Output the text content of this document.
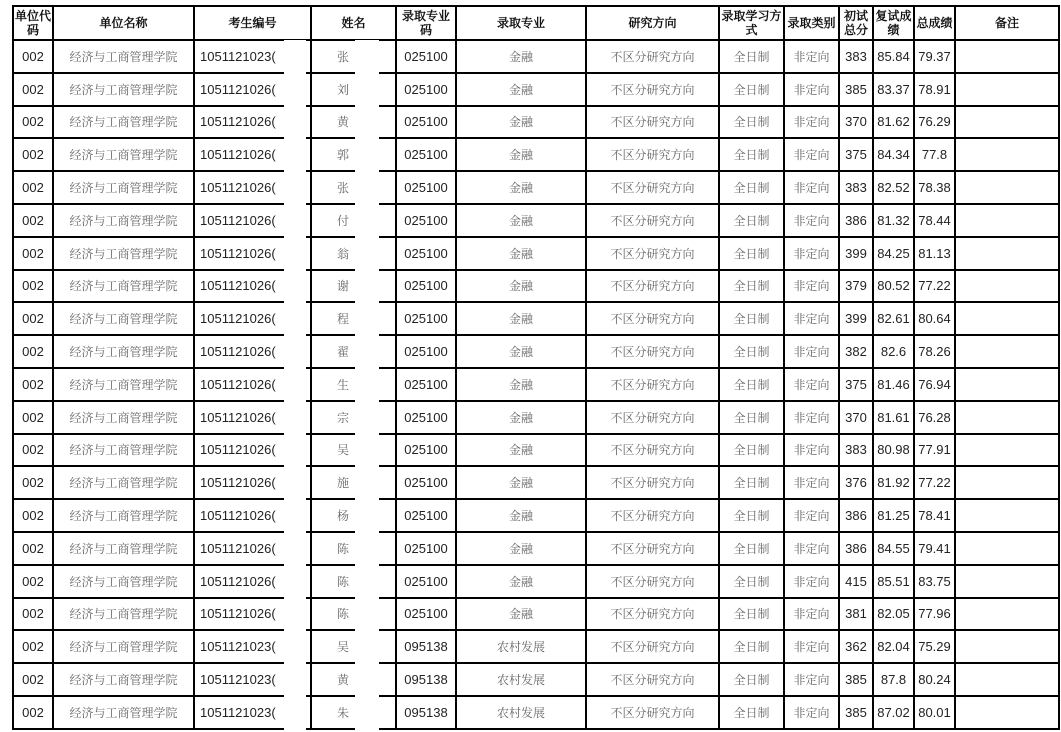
单位代码	单位名称	考生编号	姓名	录取专业码	录取专业	研究方向	录取学习方式	录取类别	初试总分	复试成绩	总成绩	备注
002	经济与工商管理学院	1051121023(	张	025100	金融	不区分研究方向	全日制	非定向	383	85.84	79.37	
002	经济与工商管理学院	1051121026(	刘	025100	金融	不区分研究方向	全日制	非定向	385	83.37	78.91	
002	经济与工商管理学院	1051121026(	黄	025100	金融	不区分研究方向	全日制	非定向	370	81.62	76.29	
002	经济与工商管理学院	1051121026(	郭	025100	金融	不区分研究方向	全日制	非定向	375	84.34	77.8	
002	经济与工商管理学院	1051121026(	张	025100	金融	不区分研究方向	全日制	非定向	383	82.52	78.38	
002	经济与工商管理学院	1051121026(	付	025100	金融	不区分研究方向	全日制	非定向	386	81.32	78.44	
002	经济与工商管理学院	1051121026(	翁	025100	金融	不区分研究方向	全日制	非定向	399	84.25	81.13	
002	经济与工商管理学院	1051121026(	谢	025100	金融	不区分研究方向	全日制	非定向	379	80.52	77.22	
002	经济与工商管理学院	1051121026(	程	025100	金融	不区分研究方向	全日制	非定向	399	82.61	80.64	
002	经济与工商管理学院	1051121026(	翟	025100	金融	不区分研究方向	全日制	非定向	382	82.6	78.26	
002	经济与工商管理学院	1051121026(	生	025100	金融	不区分研究方向	全日制	非定向	375	81.46	76.94	
002	经济与工商管理学院	1051121026(	宗	025100	金融	不区分研究方向	全日制	非定向	370	81.61	76.28	
002	经济与工商管理学院	1051121026(	吴	025100	金融	不区分研究方向	全日制	非定向	383	80.98	77.91	
002	经济与工商管理学院	1051121026(	施	025100	金融	不区分研究方向	全日制	非定向	376	81.92	77.22	
002	经济与工商管理学院	1051121026(	杨	025100	金融	不区分研究方向	全日制	非定向	386	81.25	78.41	
002	经济与工商管理学院	1051121026(	陈	025100	金融	不区分研究方向	全日制	非定向	386	84.55	79.41	
002	经济与工商管理学院	1051121026(	陈	025100	金融	不区分研究方向	全日制	非定向	415	85.51	83.75	
002	经济与工商管理学院	1051121026(	陈	025100	金融	不区分研究方向	全日制	非定向	381	82.05	77.96	
002	经济与工商管理学院	1051121023(	吴	095138	农村发展	不区分研究方向	全日制	非定向	362	82.04	75.29	
002	经济与工商管理学院	1051121023(	黄	095138	农村发展	不区分研究方向	全日制	非定向	385	87.8	80.24	
002	经济与工商管理学院	1051121023(	朱	095138	农村发展	不区分研究方向	全日制	非定向	385	87.02	80.01	
